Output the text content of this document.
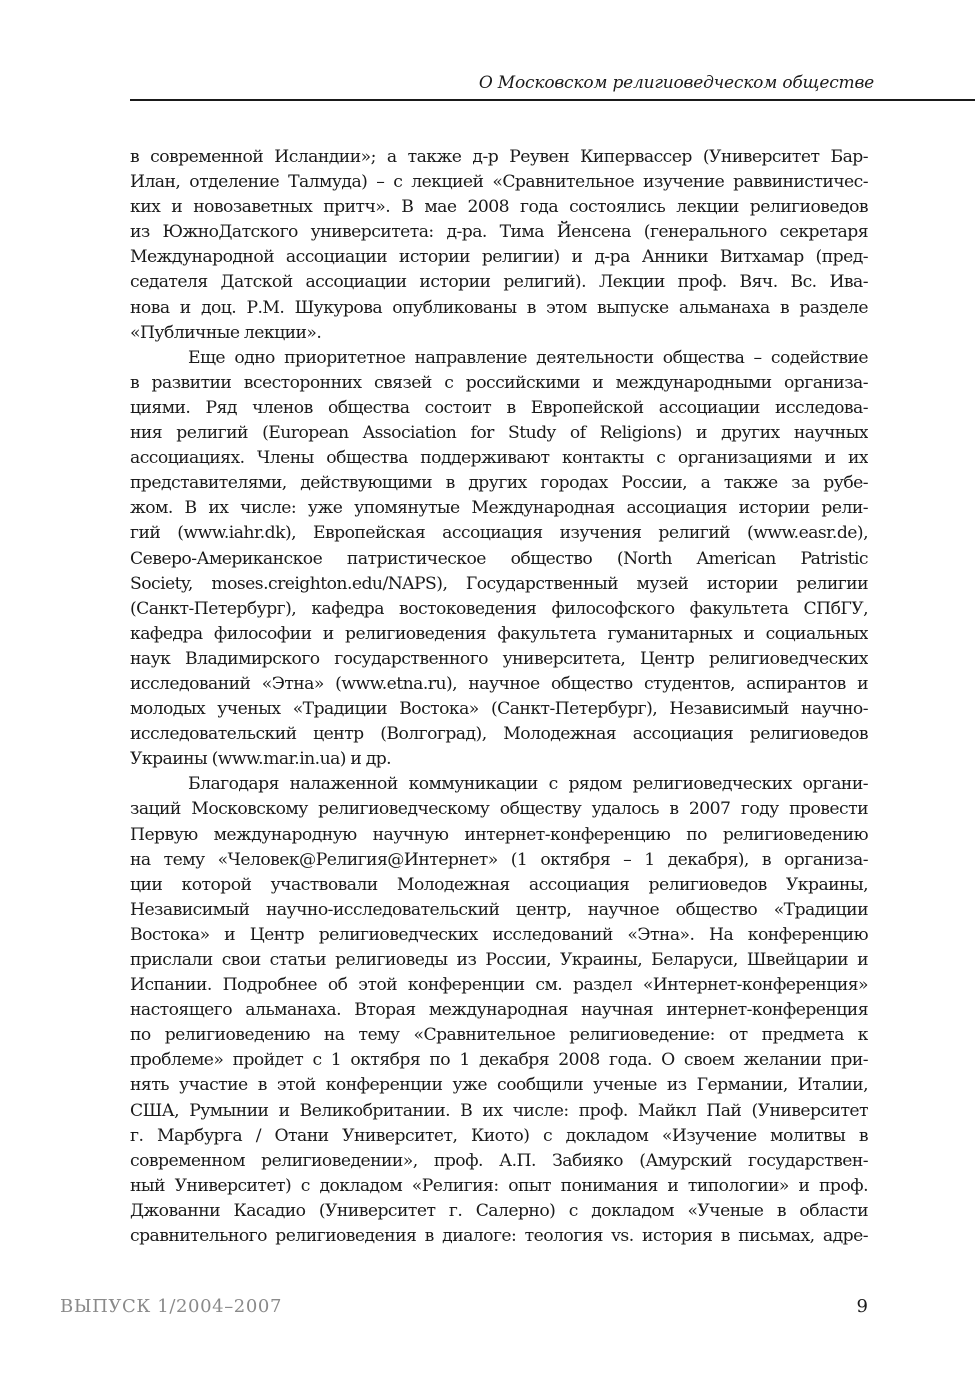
О Московском религиоведческом обществе
в современной Исландии»; а также д-р Реувен Кипервассер (Университет Бар-
Илан, отделение Талмуда) – с лекцией «Сравнительное изучение раввинистичес-
ких и новозаветных притч». В мае 2008 года состоялись лекции религиоведов
из ЮжноДатского университета: д-ра. Тима Йенсена (генерального секретаря
Международной ассоциации истории религии) и д-ра Анники Витхамар (пред-
седателя Датской ассоциации истории религий). Лекции проф. Вяч. Вс. Ива-
нова и доц. Р.М. Шукурова опубликованы в этом выпуске альманаха в разделе
«Публичные лекции».
Еще одно приоритетное направление деятельности общества – содействие
в развитии всесторонних связей с российскими и международными организа-
циями. Ряд членов общества состоит в Европейской ассоциации исследова-
ния религий (European Association for Study of Religions) и других научных
ассоциациях. Члены общества поддерживают контакты с организациями и их
представителями, действующими в других городах России, а также за рубе-
жом. В их числе: уже упомянутые Международная ассоциация истории рели-
гий (www.iahr.dk), Европейская ассоциация изучения религий (www.easr.de),
Северо-Американское патристическое общество (North American Patristic
Society, moses.creighton.edu/NAPS), Государственный музей истории религии
(Санкт-Петербург), кафедра востоковедения философского факультета СПбГУ,
кафедра философии и религиоведения факультета гуманитарных и социальных
наук Владимирского государственного университета, Центр религиоведческих
исследований «Этна» (www.etna.ru), научное общество студентов, аспирантов и
молодых ученых «Традиции Востока» (Санкт-Петербург), Независимый научно-
исследовательский центр (Волгоград), Молодежная ассоциация религиоведов
Украины (www.mar.in.ua) и др.
Благодаря налаженной коммуникации с рядом религиоведческих органи-
заций Московскому религиоведческому обществу удалось в 2007 году провести
Первую международную научную интернет-конференцию по религиоведению
на тему «Человек@Религия@Интернет» (1 октября – 1 декабря), в организа-
ции которой участвовали Молодежная ассоциация религиоведов Украины,
Независимый научно-исследовательский центр, научное общество «Традиции
Востока» и Центр религиоведческих исследований «Этна». На конференцию
прислали свои статьи религиоведы из России, Украины, Беларуси, Швейцарии и
Испании. Подробнее об этой конференции см. раздел «Интернет-конференция»
настоящего альманаха. Вторая международная научная интернет-конференция
по религиоведению на тему «Сравнительное религиоведение: от предмета к
проблеме» пройдет с 1 октября по 1 декабря 2008 года. О своем желании при-
нять участие в этой конференции уже сообщили ученые из Германии, Италии,
США, Румынии и Великобритании. В их числе: проф. Майкл Пай (Университет
г. Марбурга / Отани Университет, Киото) с докладом «Изучение молитвы в
современном религиоведении», проф. А.П. Забияко (Амурский государствен-
ный Университет) с докладом «Религия: опыт понимания и типологии» и проф.
Джованни Касадио (Университет г. Салерно) с докладом «Ученые в области
сравнительного религиоведения в диалоге: теология vs. история в письмах, адре-
ВЫПУСК 1/2004–2007	9
